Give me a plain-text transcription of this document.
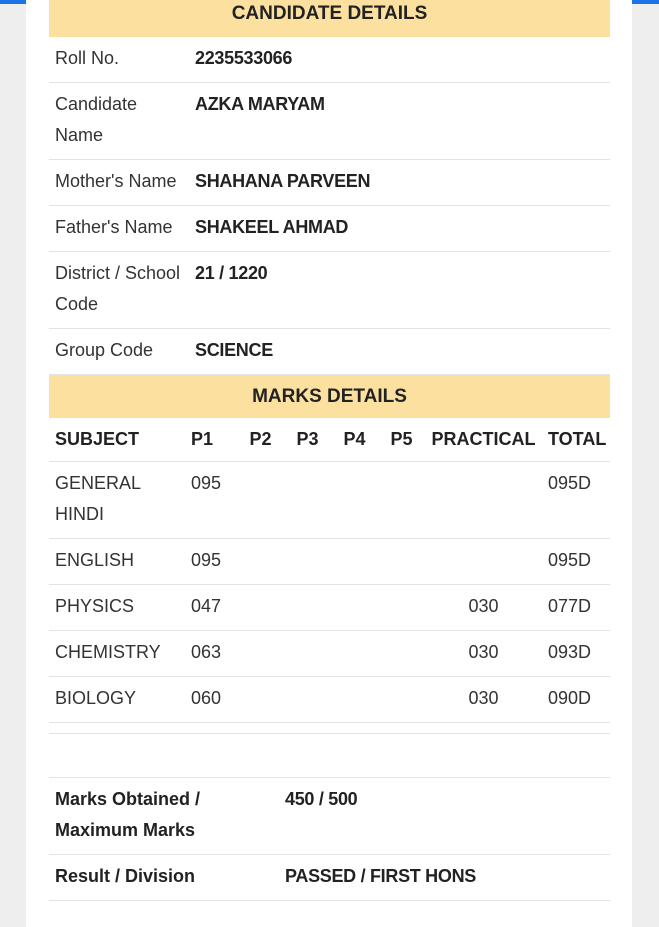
CANDIDATE DETAILS
Roll No.	2235533066
Candidate Name	AZKA MARYAM
Mother's Name	SHAHANA PARVEEN
Father's Name	SHAKEEL AHMAD
District / School Code	21 / 1220
Group Code	SCIENCE
MARKS DETAILS
SUBJECT	P1	P2	P3	P4	P5	PRACTICAL	TOTAL
GENERAL HINDI	095						095D
ENGLISH	095						095D
PHYSICS	047					030	077D
CHEMISTRY	063					030	093D
BIOLOGY	060					030	090D

Marks Obtained / Maximum Marks	450 / 500
Result / Division	PASSED / FIRST HONS
